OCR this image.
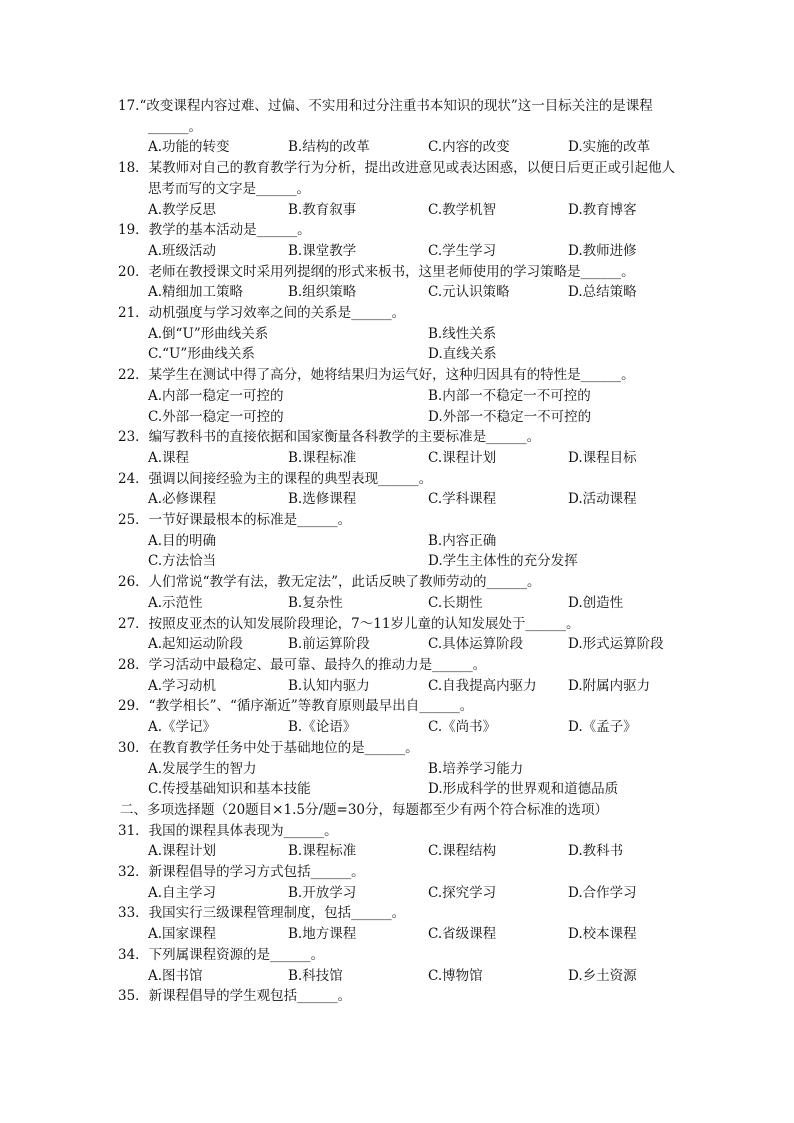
17.“改变课程内容过难、过偏、不实用和过分注重书本知识的现状”这一目标关注的是课程______。
A.功能的转变	B.结构的改革	C.内容的改变	D.实施的改革
18．某教师对自己的教育教学行为分析，提出改进意见或表达困惑，以便日后更正或引起他人思考而写的文字是______。
A.教学反思	B.教育叙事	C.教学机智	D.教育博客
19．教学的基本活动是______。
A.班级活动	B.课堂教学	C.学生学习	D.教师进修
20．老师在教授课文时采用列提纲的形式来板书，这里老师使用的学习策略是______。
A.精细加工策略	B.组织策略	C.元认识策略	D.总结策略
21．动机强度与学习效率之间的关系是______。
A.倒“U”形曲线关系	B.线性关系
C.“U”形曲线关系	D.直线关系
22．某学生在测试中得了高分，她将结果归为运气好，这种归因具有的特性是______。
A.内部一稳定一可控的	B.内部一不稳定一不可控的
C.外部一稳定一可控的	D.外部一不稳定一不可控的
23．编写教科书的直接依据和国家衡量各科教学的主要标准是______。
A.课程	B.课程标准	C.课程计划	D.课程目标
24．强调以间接经验为主的课程的典型表现______。
A.必修课程	B.选修课程	C.学科课程	D.活动课程
25．一节好课最根本的标准是______。
A.目的明确	B.内容正确
C.方法恰当	D.学生主体性的充分发挥
26．人们常说“教学有法，教无定法”，此话反映了教师劳动的______。
A.示范性	B.复杂性	C.长期性	D.创造性
27．按照皮亚杰的认知发展阶段理论，7～11岁儿童的认知发展处于______。
A.起知运动阶段	B.前运算阶段	C.具体运算阶段	D.形式运算阶段
28．学习活动中最稳定、最可靠、最持久的推动力是______。
A.学习动机	B.认知内驱力	C.自我提高内驱力	D.附属内驱力
29．“教学相长”、“循序渐近”等教育原则最早出自______。
A.《学记》	B.《论语》	C.《尚书》	D.《孟子》
30．在教育教学任务中处于基础地位的是______。
A.发展学生的智力	B.培养学习能力
C.传授基础知识和基本技能	D.形成科学的世界观和道德品质
二、多项选择题（20题目×1.5分/题=30分，每题都至少有两个符合标准的选项）
31．我国的课程具体表现为______。
A.课程计划	B.课程标准	C.课程结构	D.教科书
32．新课程倡导的学习方式包括______。
A.自主学习	B.开放学习	C.探究学习	D.合作学习
33．我国实行三级课程管理制度，包括______。
A.国家课程	B.地方课程	C.省级课程	D.校本课程
34．下列属课程资源的是______。
A.图书馆	B.科技馆	C.博物馆	D.乡土资源
35．新课程倡导的学生观包括______。
